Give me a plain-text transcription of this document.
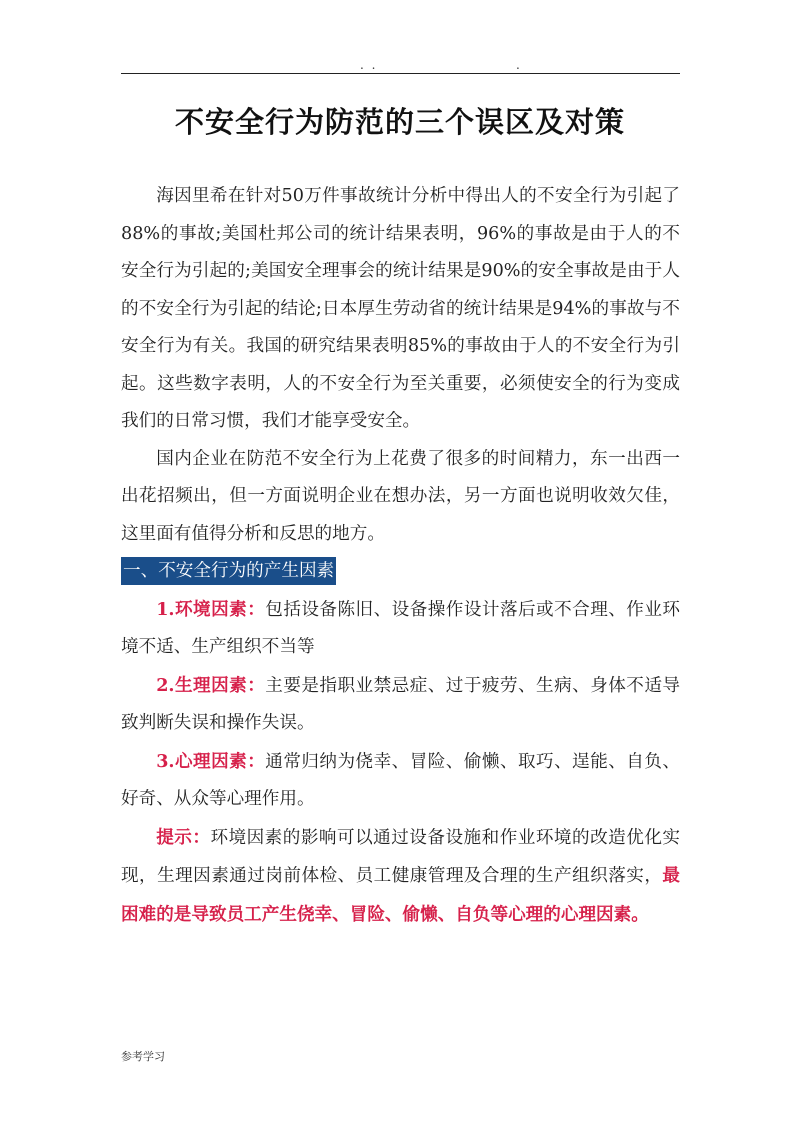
. .	.
不安全行为防范的三个误区及对策

海因里希在针对50万件事故统计分析中得出人的不安全行为引起了88%的事故;美国杜邦公司的统计结果表明，96%的事故是由于人的不安全行为引起的;美国安全理事会的统计结果是90%的安全事故是由于人的不安全行为引起的结论;日本厚生劳动省的统计结果是94%的事故与不安全行为有关。我国的研究结果表明85%的事故由于人的不安全行为引起。这些数字表明，人的不安全行为至关重要，必须使安全的行为变成我们的日常习惯，我们才能享受安全。

国内企业在防范不安全行为上花费了很多的时间精力，东一出西一出花招频出，但一方面说明企业在想办法，另一方面也说明收效欠佳，这里面有值得分析和反思的地方。

一、不安全行为的产生因素

1.环境因素：包括设备陈旧、设备操作设计落后或不合理、作业环境不适、生产组织不当等

2.生理因素：主要是指职业禁忌症、过于疲劳、生病、身体不适导致判断失误和操作失误。

3.心理因素：通常归纳为侥幸、冒险、偷懒、取巧、逞能、自负、好奇、从众等心理作用。

提示：环境因素的影响可以通过设备设施和作业环境的改造优化实现，生理因素通过岗前体检、员工健康管理及合理的生产组织落实，最困难的是导致员工产生侥幸、冒险、偷懒、自负等心理的心理因素。

参考学习
